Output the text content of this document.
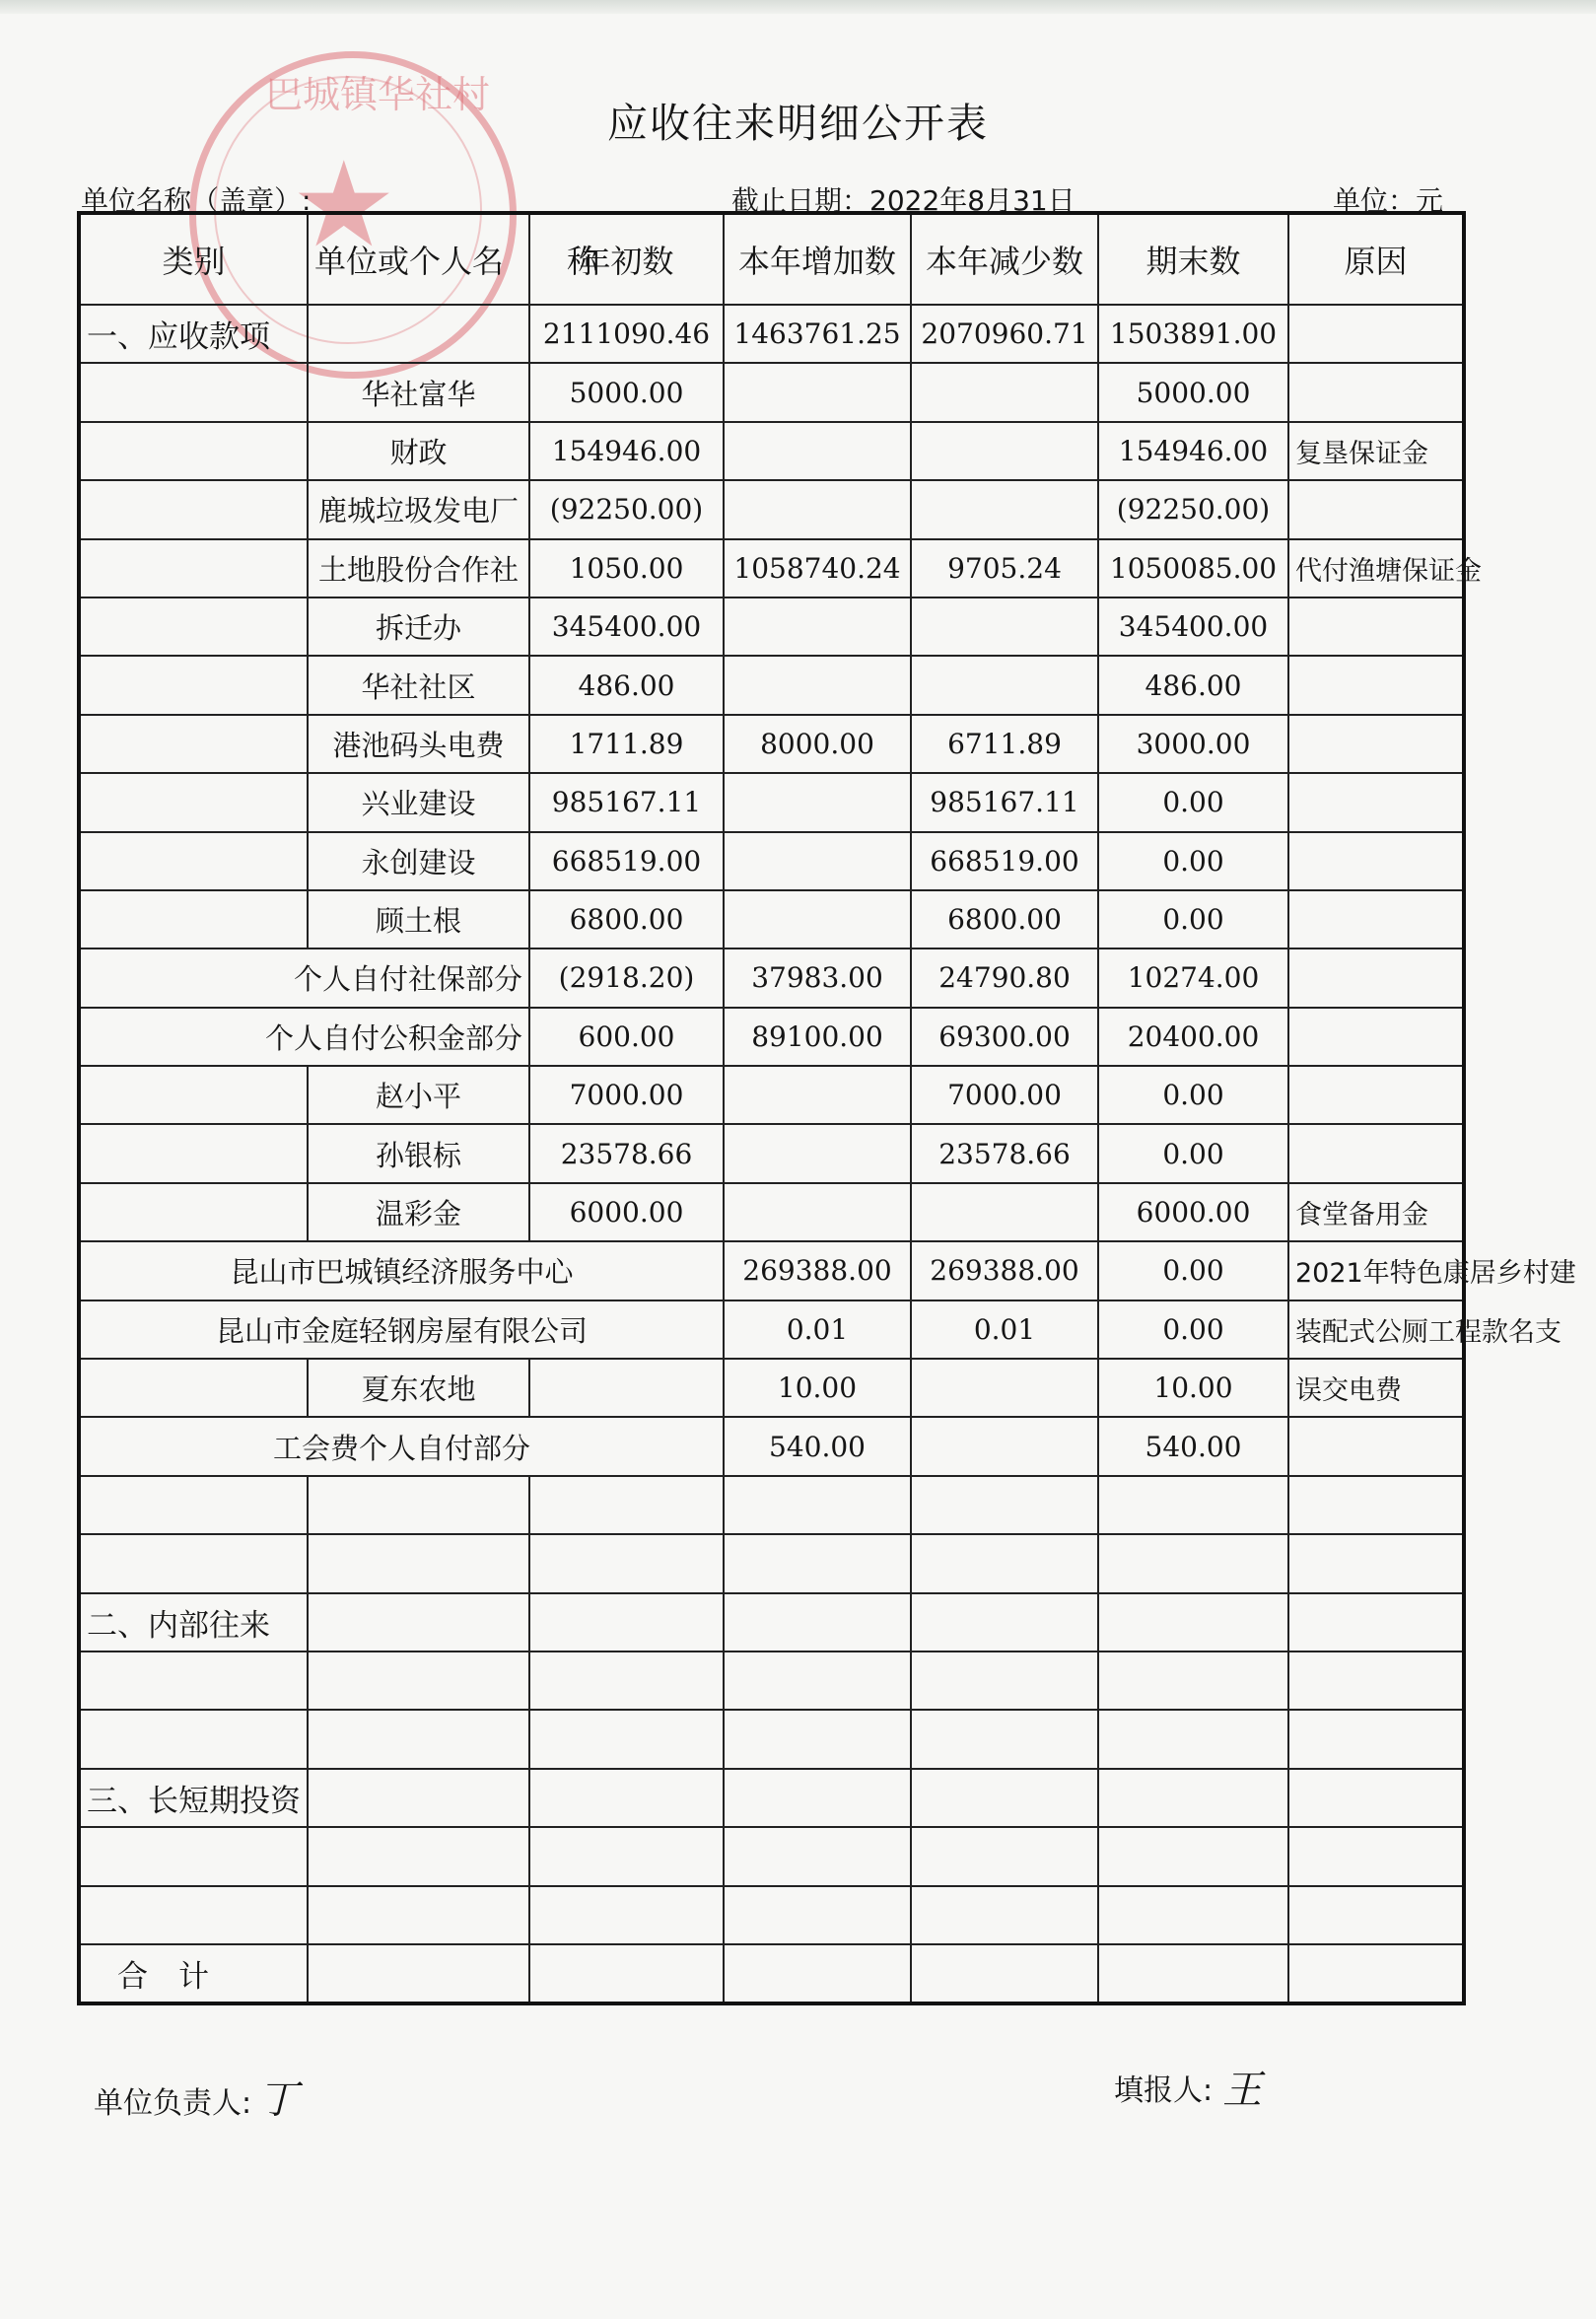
★
巴城镇华社村
应收往来明细公开表
单位名称（盖章）:	截止日期：2022年8月31日	单位：元
类别	单位或个人名　　称	年初数	本年增加数	本年减少数	期末数	原因
一、应收款项		2111090.46	1463761.25	2070960.71	1503891.00	
	华社富华	5000.00			5000.00	
	财政	154946.00			154946.00	复垦保证金
	鹿城垃圾发电厂	(92250.00)			(92250.00)	
	土地股份合作社	1050.00	1058740.24	9705.24	1050085.00	代付渔塘保证金
	拆迁办	345400.00			345400.00	
	华社社区	486.00			486.00	
	港池码头电费	1711.89	8000.00	6711.89	3000.00	
	兴业建设	985167.11		985167.11	0.00	
	永创建设	668519.00		668519.00	0.00	
	顾土根	6800.00		6800.00	0.00	
个人自付社保部分		(2918.20)	37983.00	24790.80	10274.00	
个人自付公积金部分		600.00	89100.00	69300.00	20400.00	
	赵小平	7000.00		7000.00	0.00	
	孙银标	23578.66		23578.66	0.00	
	温彩金	6000.00			6000.00	食堂备用金
昆山市巴城镇经济服务中心			269388.00	269388.00	0.00	2021年特色康居乡村建
昆山市金庭轻钢房屋有限公司			0.01	0.01	0.00	装配式公厕工程款名支
	夏东农地		10.00		10.00	误交电费
工会费个人自付部分			540.00		540.00	

二、内部往来						

三、长短期投资						

　合　计						
单位负责人: 丁	填报人: 王
